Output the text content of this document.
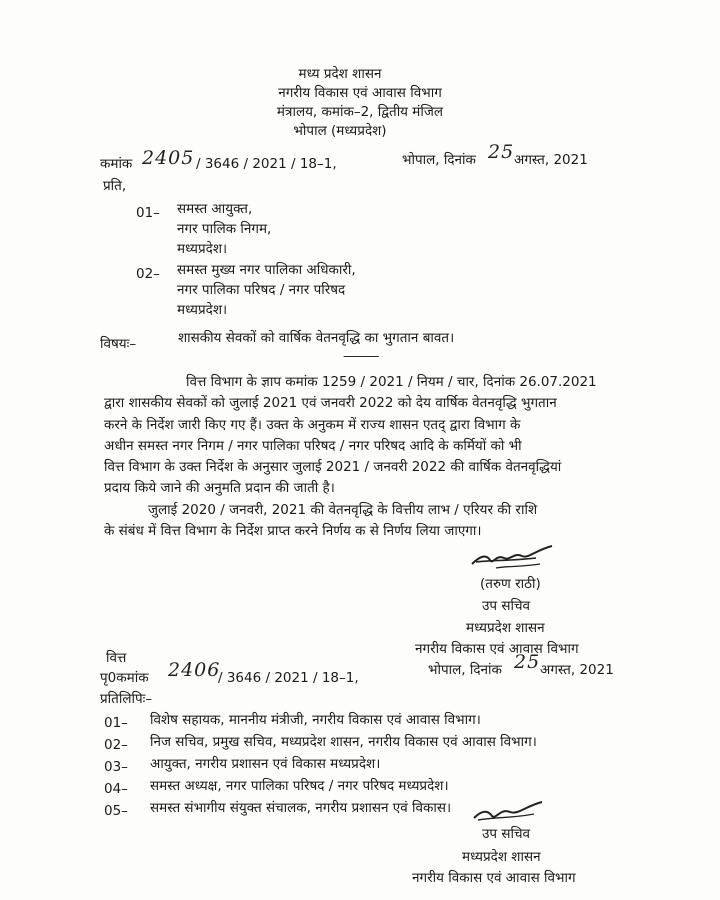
मध्य प्रदेश शासन
नगरीय विकास एवं आवास विभाग
मंत्रालय, कमांक–2, द्वितीय मंजिल
भोपाल (मध्यप्रदेश)
कमांक 2405 / 3646 / 2021 / 18–1,	भोपाल, दिनांक 25 अगस्त, 2021
प्रति,
01– समस्त आयुक्त,
नगर पालिक निगम,
मध्यप्रदेश।
02– समस्त मुख्य नगर पालिका अधिकारी,
नगर पालिका परिषद / नगर परिषद
मध्यप्रदेश।
विषयः–	शासकीय सेवकों को वार्षिक वेतनवृद्धि का भुगतान बावत।
———
वित्त विभाग के ज्ञाप कमांक 1259 / 2021 / नियम / चार, दिनांक 26.07.2021
द्वारा शासकीय सेवकों को जुलाई 2021 एवं जनवरी 2022 को देय वार्षिक वेतनवृद्धि भुगतान
करने के निर्देश जारी किए गए हैं। उक्त के अनुकम में राज्य शासन एतद् द्वारा विभाग के
अधीन समस्त नगर निगम / नगर पालिका परिषद / नगर परिषद आदि के कर्मियों को भी
वित्त विभाग के उक्त निर्देश के अनुसार जुलाई 2021 / जनवरी 2022 की वार्षिक वेतनवृद्धियां
प्रदाय किये जाने की अनुमति प्रदान की जाती है।
जुलाई 2020 / जनवरी, 2021 की वेतनवृद्धि के वित्तीय लाभ / एरियर की राशि
के संबंध में वित्त विभाग के निर्देश प्राप्त करने निर्णय क से निर्णय लिया जाएगा।
(तरुण राठी)
उप सचिव
मध्यप्रदेश शासन
नगरीय विकास एवं आवास विभाग
भोपाल, दिनांक 25 अगस्त, 2021
वित्त
पृ0कमांक 2406
/ 3646 / 2021 / 18–1,
प्रतिलिपिः–
01– विशेष सहायक, माननीय मंत्रीजी, नगरीय विकास एवं आवास विभाग।
02– निज सचिव, प्रमुख सचिव, मध्यप्रदेश शासन, नगरीय विकास एवं आवास विभाग।
03– आयुक्त, नगरीय प्रशासन एवं विकास मध्यप्रदेश।
04– समस्त अध्यक्ष, नगर पालिका परिषद / नगर परिषद मध्यप्रदेश।
05– समस्त संभागीय संयुक्त संचालक, नगरीय प्रशासन एवं विकास।
उप सचिव
मध्यप्रदेश शासन
नगरीय विकास एवं आवास विभाग
